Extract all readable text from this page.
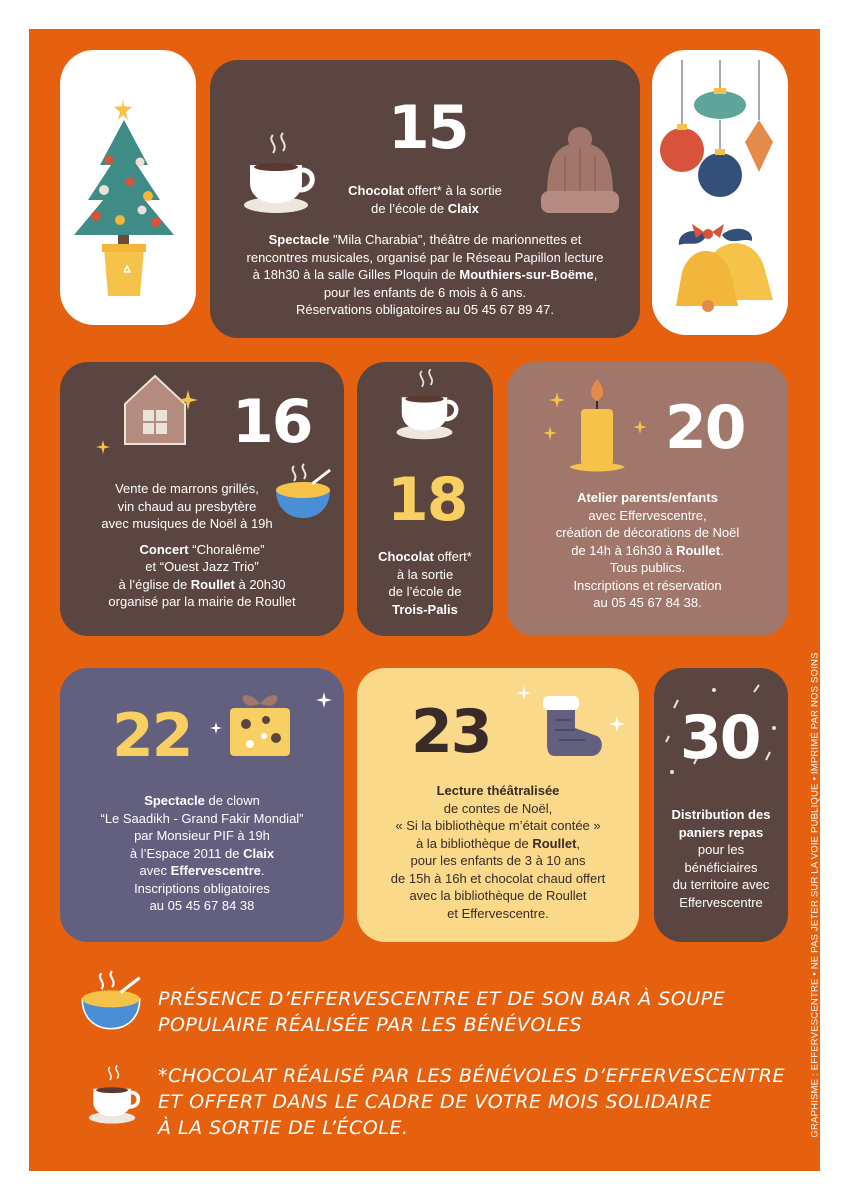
15

Chocolat offert* à la sortie

de l’école de Claix

Spectacle "Mila Charabia", théâtre de marionnettes et

rencontres musicales, organisé par le Réseau Papillon lecture

à 18h30 à la salle Gilles Ploquin de Mouthiers-sur-Boëme,

pour les enfants de 6 mois à 6 ans.

Réservations obligatoires au 05 45 67 89 47.

16

Vente de marrons grillés,

vin chaud au presbytère

avec musiques de Noël à 19h

Concert “Choralême”

et “Ouest Jazz Trio”

à l’église de Roullet à 20h30

organisé par la mairie de Roullet

18

Chocolat offert*

à la sortie

de l’école de

Trois-Palis

20

Atelier parents/enfants

avec Effervescentre,

création de décorations de Noël

de 14h à 16h30 à Roullet.

Tous publics.

Inscriptions et réservation

au 05 45 67 84 38.

22

Spectacle de clown

“Le Saadikh - Grand Fakir Mondial”

par Monsieur PIF à 19h

à l’Espace 2011 de Claix

avec Effervescentre.

Inscriptions obligatoires

au 05 45 67 84 38

23

Lecture théâtralisée

de contes de Noël,

« Si la bibliothèque m’était contée »

à la bibliothèque de Roullet,

pour les enfants de 3 à 10 ans

de 15h à 16h et chocolat chaud offert

avec la bibliothèque de Roullet

et Effervescentre.

30

Distribution des

paniers repas

pour les

bénéficiaires

du territoire avec

Effervescentre

PRÉSENCE D’EFFERVESCENTRE ET DE SON BAR À SOUPE
POPULAIRE RÉALISÉE PAR LES BÉNÉVOLES
*CHOCOLAT RÉALISÉ PAR LES BÉNÉVOLES D’EFFERVESCENTRE
ET OFFERT DANS LE CADRE DE VOTRE MOIS SOLIDAIRE
À LA SORTIE DE L’ÉCOLE.	GRAPHISME : EFFERVESCENTRE • NE PAS JETER SUR LA VOIE PUBLIQUE • IMPRIMÉ PAR NOS SOINS
